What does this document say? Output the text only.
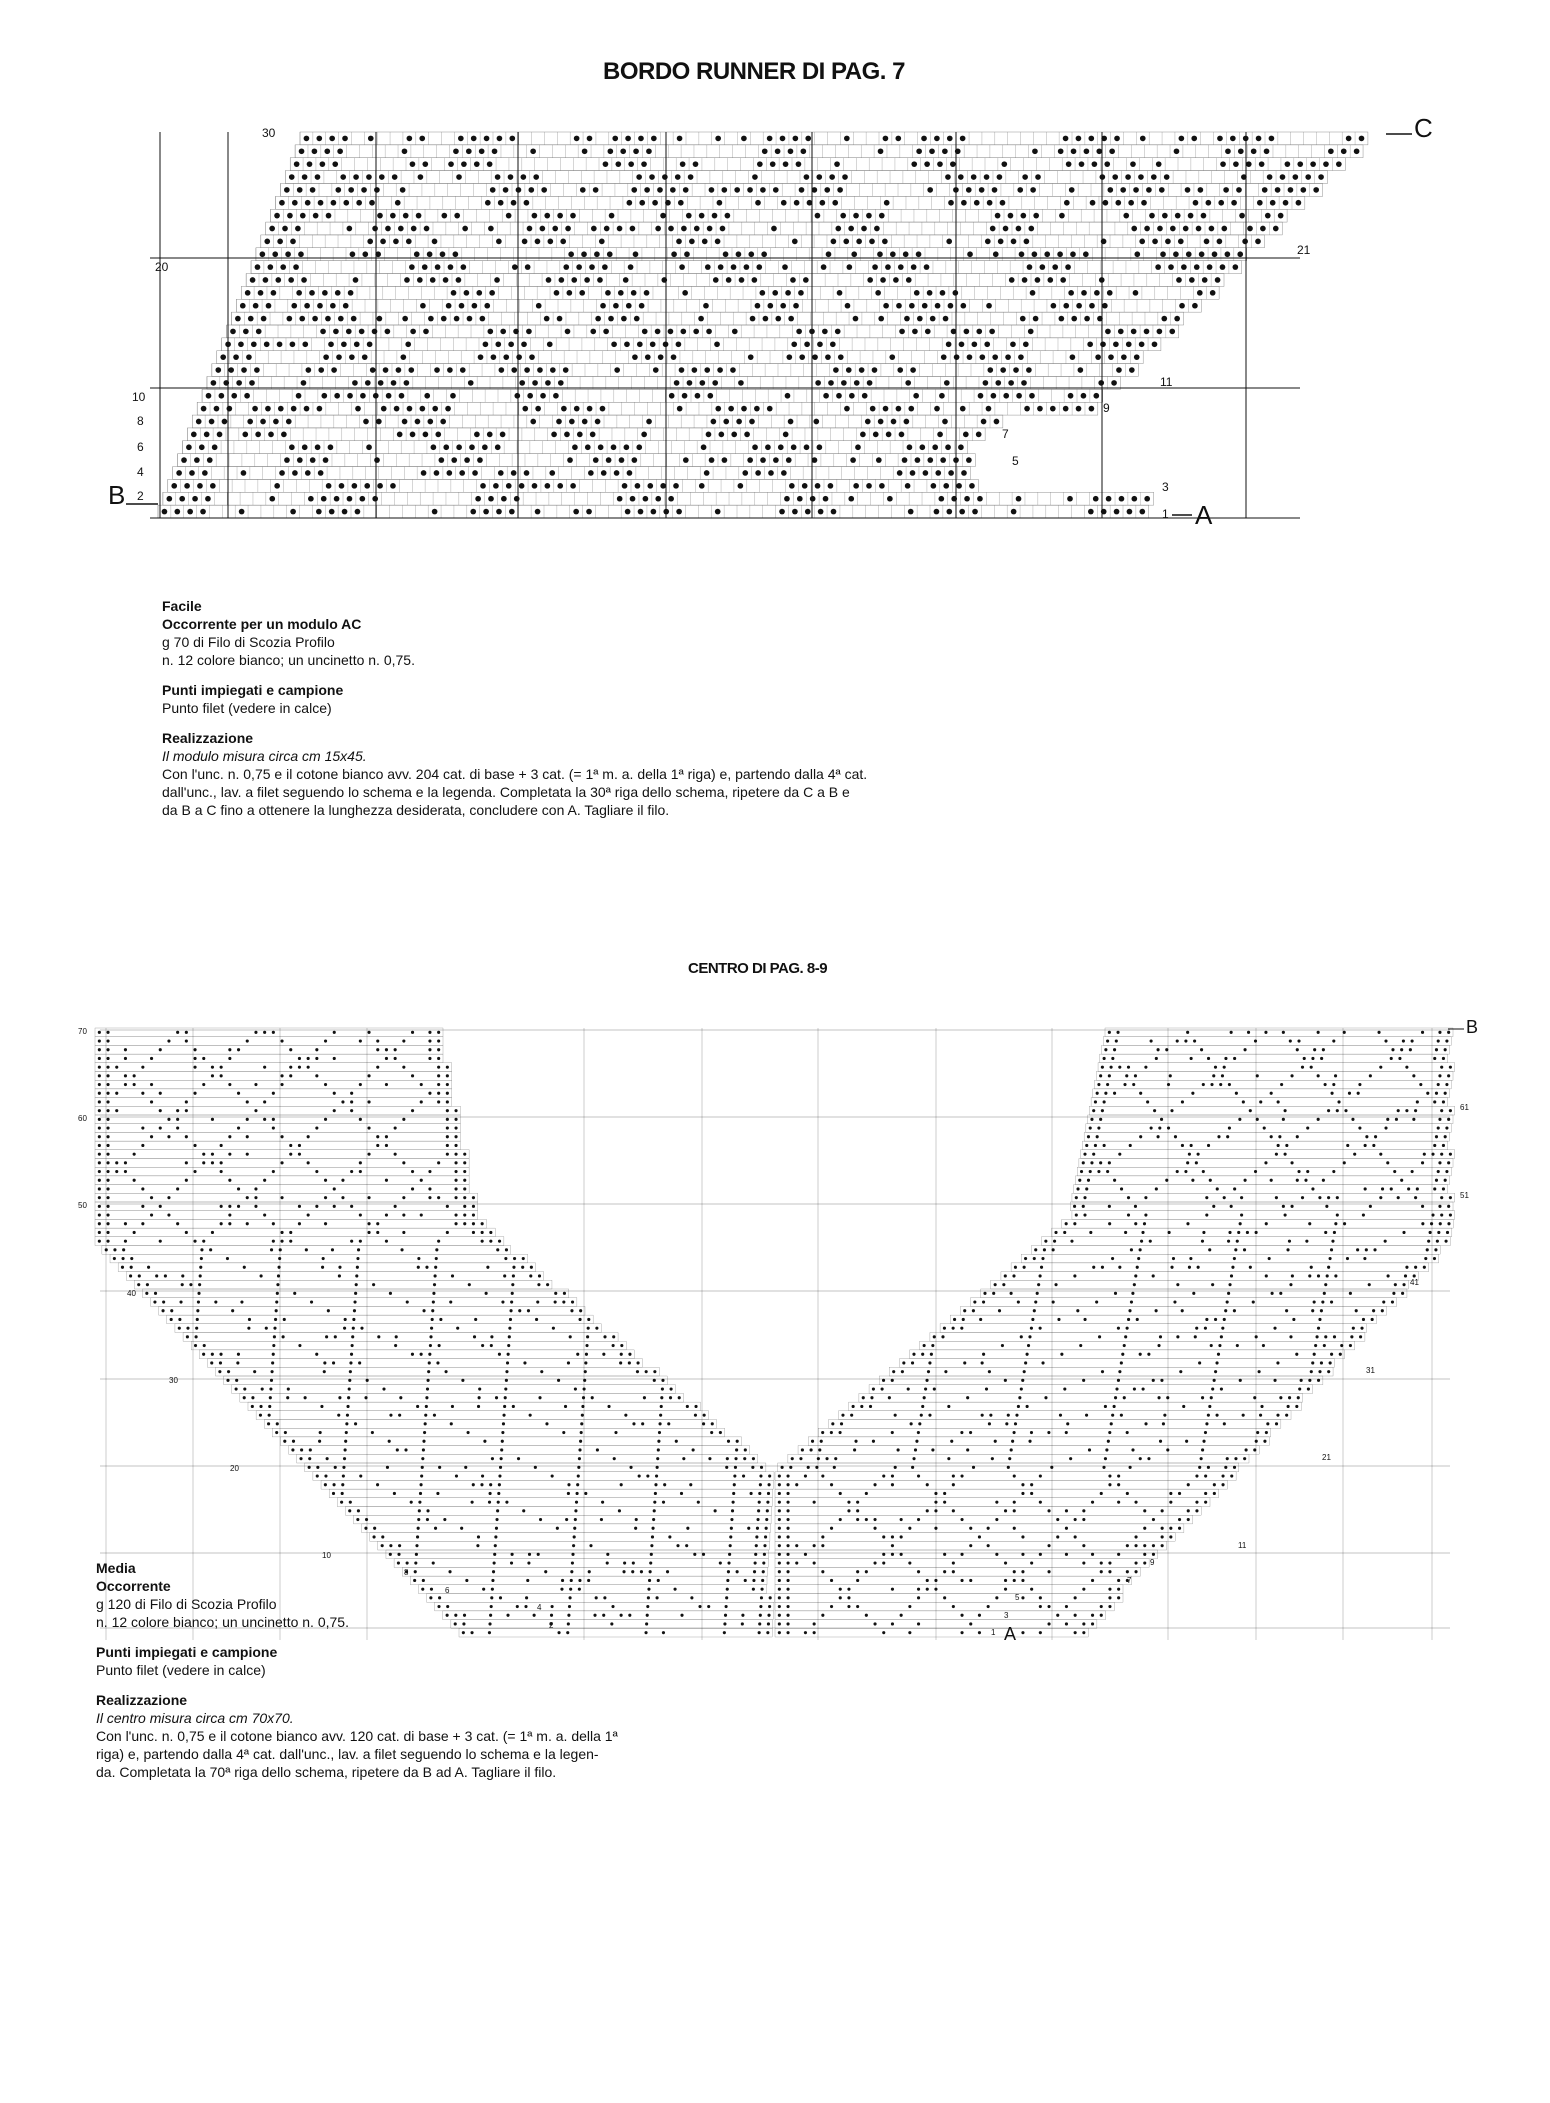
BORDO RUNNER DI PAG. 7
30
20
10
8
6
4
2
21
11
9
7
5
3
1 A
B
C
Facile
Occorrente per un modulo AC
g 70 di Filo di Scozia Profilo
n. 12 colore bianco; un uncinetto n. 0,75.
Punti impiegati e campione
Punto filet (vedere in calce)
Realizzazione
Il modulo misura circa cm 15x45.
Con l'unc. n. 0,75 e il cotone bianco avv. 204 cat. di base + 3 cat. (= 1ª m. a. della 1ª riga) e, partendo dalla 4ª cat.
dall'unc., lav. a filet seguendo lo schema e la legenda. Completata la 30ª riga dello schema, ripetere da C a B e
da B a C fino a ottenere la lunghezza desiderata, concludere con A. Tagliare il filo.
CENTRO DI PAG. 8-9
70
60
50
40
30
20
10
8
6
4
2
61
51
41
31
21
11
9
7
5
3
1 A
B
Media
Occorrente
g 120 di Filo di Scozia Profilo
n. 12 colore bianco; un uncinetto n. 0,75.
Punti impiegati e campione
Punto filet (vedere in calce)
Realizzazione
Il centro misura circa cm 70x70.
Con l'unc. n. 0,75 e il cotone bianco avv. 120 cat. di base + 3 cat. (= 1ª m. a. della 1ª
riga) e, partendo dalla 4ª cat. dall'unc., lav. a filet seguendo lo schema e la legen-
da. Completata la 70ª riga dello schema, ripetere da B ad A. Tagliare il filo.
